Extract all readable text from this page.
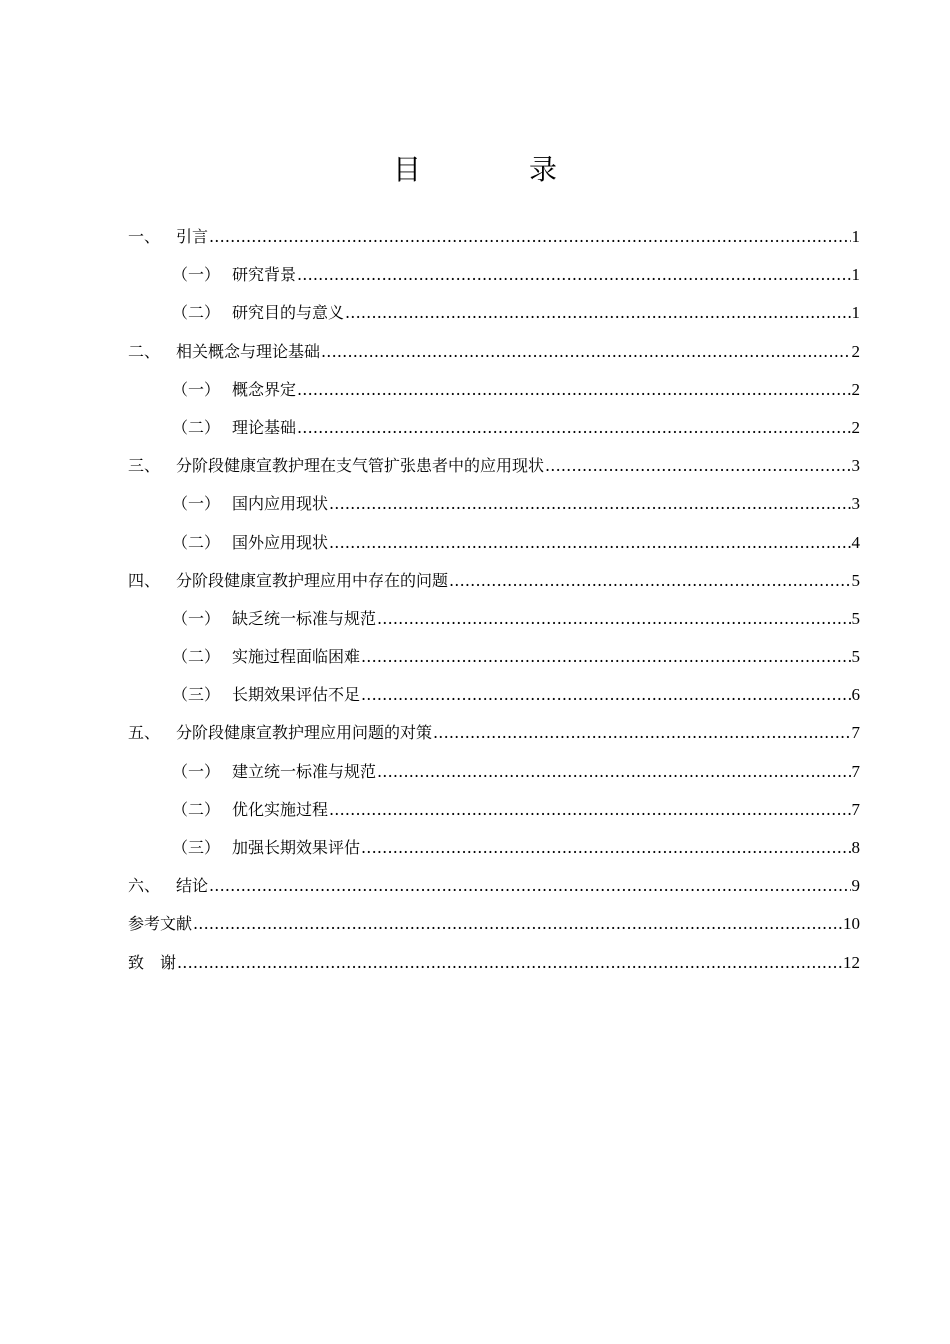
目　录
一、 引言 .....	1
（一） 研究背景 .....	1
（二） 研究目的与意义 .....	1
二、 相关概念与理论基础 .....	2
（一） 概念界定 .....	2
（二） 理论基础 .....	2
三、 分阶段健康宣教护理在支气管扩张患者中的应用现状 .....	3
（一） 国内应用现状 .....	3
（二） 国外应用现状 .....	4
四、 分阶段健康宣教护理应用中存在的问题 .....	5
（一） 缺乏统一标准与规范 .....	5
（二） 实施过程面临困难 .....	5
（三） 长期效果评估不足 .....	6
五、 分阶段健康宣教护理应用问题的对策 .....	7
（一） 建立统一标准与规范 .....	7
（二） 优化实施过程 .....	7
（三） 加强长期效果评估 .....	8
六、 结论 .....	9
参考文献 .....	10
致　谢 .....	12
